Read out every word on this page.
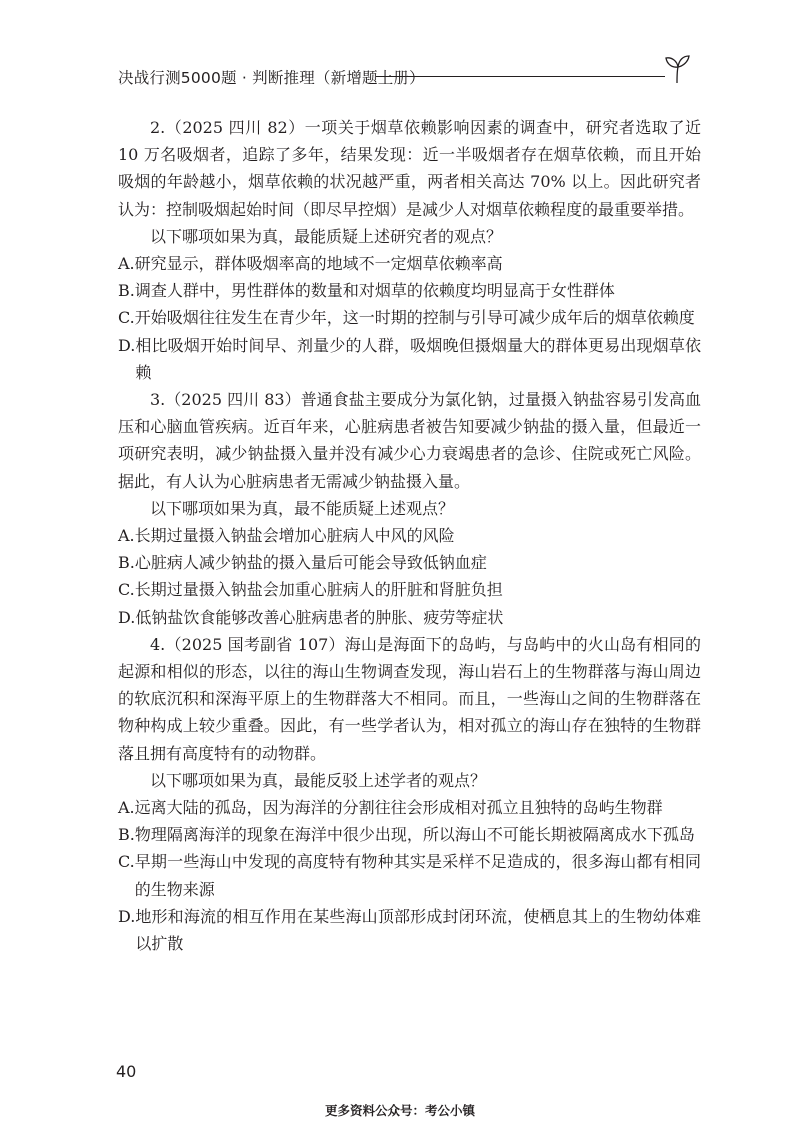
决战行测5000题 · 判断推理（新增题上册）

2.（2025 四川 82）一项关于烟草依赖影响因素的调查中，研究者选取了近 10 万名吸烟者，追踪了多年，结果发现：近一半吸烟者存在烟草依赖，而且开始吸烟的年龄越小，烟草依赖的状况越严重，两者相关高达 70% 以上。因此研究者认为：控制吸烟起始时间（即尽早控烟）是减少人对烟草依赖程度的最重要举措。

以下哪项如果为真，最能质疑上述研究者的观点？

A. 研究显示，群体吸烟率高的地域不一定烟草依赖率高
B. 调查人群中，男性群体的数量和对烟草的依赖度均明显高于女性群体
C. 开始吸烟往往发生在青少年，这一时期的控制与引导可减少成年后的烟草依赖度
D. 相比吸烟开始时间早、剂量少的人群，吸烟晚但摄烟量大的群体更易出现烟草依赖

3.（2025 四川 83）普通食盐主要成分为氯化钠，过量摄入钠盐容易引发高血压和心脑血管疾病。近百年来，心脏病患者被告知要减少钠盐的摄入量，但最近一项研究表明，减少钠盐摄入量并没有减少心力衰竭患者的急诊、住院或死亡风险。据此，有人认为心脏病患者无需减少钠盐摄入量。

以下哪项如果为真，最不能质疑上述观点？

A. 长期过量摄入钠盐会增加心脏病人中风的风险
B. 心脏病人减少钠盐的摄入量后可能会导致低钠血症
C. 长期过量摄入钠盐会加重心脏病人的肝脏和肾脏负担
D. 低钠盐饮食能够改善心脏病患者的肿胀、疲劳等症状

4.（2025 国考副省 107）海山是海面下的岛屿，与岛屿中的火山岛有相同的起源和相似的形态，以往的海山生物调查发现，海山岩石上的生物群落与海山周边的软底沉积和深海平原上的生物群落大不相同。而且，一些海山之间的生物群落在物种构成上较少重叠。因此，有一些学者认为，相对孤立的海山存在独特的生物群落且拥有高度特有的动物群。

以下哪项如果为真，最能反驳上述学者的观点？

A. 远离大陆的孤岛，因为海洋的分割往往会形成相对孤立且独特的岛屿生物群
B. 物理隔离海洋的现象在海洋中很少出现，所以海山不可能长期被隔离成水下孤岛
C. 早期一些海山中发现的高度特有物种其实是采样不足造成的，很多海山都有相同的生物来源
D. 地形和海流的相互作用在某些海山顶部形成封闭环流，使栖息其上的生物幼体难以扩散
40
更多资料公众号：考公小镇
